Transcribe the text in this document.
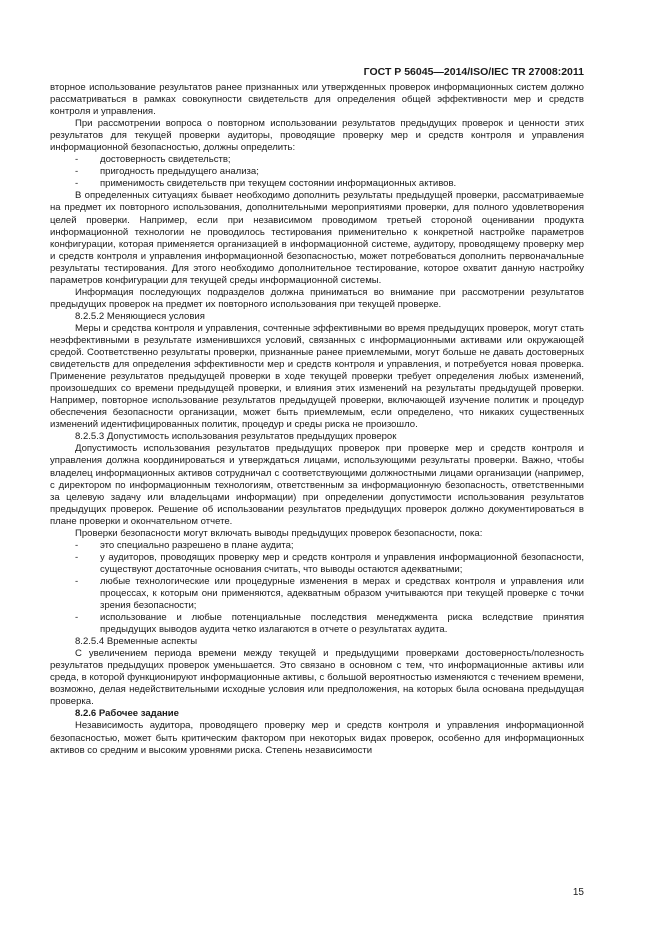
ГОСТ Р 56045—2014/ISO/IEC TR 27008:2011

вторное использование результатов ранее признанных или утвержденных проверок информационных систем должно рассматриваться в рамках совокупности свидетельств для определения общей эффективности мер и средств контроля и управления.

При рассмотрении вопроса о повторном использовании результатов предыдущих проверок и ценности этих результатов для текущей проверки аудиторы, проводящие проверку мер и средств контроля и управления информационной безопасностью, должны определить:

- достоверность свидетельств;

- пригодность предыдущего анализа;

- применимость свидетельств при текущем состоянии информационных активов.

В определенных ситуациях бывает необходимо дополнить результаты предыдущей проверки, рассматриваемые на предмет их повторного использования, дополнительными мероприятиями проверки, для полного удовлетворения целей проверки. Например, если при независимом проводимом третьей стороной оценивании продукта информационной технологии не проводилось тестирования применительно к конкретной настройке параметров конфигурации, которая применяется организацией в информационной системе, аудитору, проводящему проверку мер и средств контроля и управления информационной безопасностью, может потребоваться дополнить первоначальные результаты тестирования. Для этого необходимо дополнительное тестирование, которое охватит данную настройку параметров конфигурации для текущей среды информационной системы.

Информация последующих подразделов должна приниматься во внимание при рассмотрении результатов предыдущих проверок на предмет их повторного использования при текущей проверке.

8.2.5.2 Меняющиеся условия

Меры и средства контроля и управления, сочтенные эффективными во время предыдущих проверок, могут стать неэффективными в результате изменившихся условий, связанных с информационными активами или окружающей средой. Соответственно результаты проверки, признанные ранее приемлемыми, могут больше не давать достоверных свидетельств для определения эффективности мер и средств контроля и управления, и потребуется новая проверка. Применение результатов предыдущей проверки в ходе текущей проверки требует определения любых изменений, произошедших со времени предыдущей проверки, и влияния этих изменений на результаты предыдущей проверки. Например, повторное использование результатов предыдущей проверки, включающей изучение политик и процедур обеспечения безопасности организации, может быть приемлемым, если определено, что никаких существенных изменений идентифицированных политик, процедур и среды риска не произошло.

8.2.5.3 Допустимость использования результатов предыдущих проверок

Допустимость использования результатов предыдущих проверок при проверке мер и средств контроля и управления должна координироваться и утверждаться лицами, использующими результаты проверки. Важно, чтобы владелец информационных активов сотрудничал с соответствующими должностными лицами организации (например, с директором по информационным технологиям, ответственным за информационную безопасность, ответственными за целевую задачу или владельцами информации) при определении допустимости использования результатов предыдущих проверок. Решение об использовании результатов предыдущих проверок должно документироваться в плане проверки и окончательном отчете.

Проверки безопасности могут включать выводы предыдущих проверок безопасности, пока:

- это специально разрешено в плане аудита;

- у аудиторов, проводящих проверку мер и средств контроля и управления информационной безопасности, существуют достаточные основания считать, что выводы остаются адекватными;

- любые технологические или процедурные изменения в мерах и средствах контроля и управления или процессах, к которым они применяются, адекватным образом учитываются при текущей проверке с точки зрения безопасности;

- использование и любые потенциальные последствия менеджмента риска вследствие принятия предыдущих выводов аудита четко излагаются в отчете о результатах аудита.

8.2.5.4 Временные аспекты

С увеличением периода времени между текущей и предыдущими проверками достоверность/полезность результатов предыдущих проверок уменьшается. Это связано в основном с тем, что информационные активы или среда, в которой функционируют информационные активы, с большой вероятностью изменяются с течением времени, возможно, делая недействительными исходные условия или предположения, на которых была основана предыдущая проверка.

8.2.6 Рабочее задание

Независимость аудитора, проводящего проверку мер и средств контроля и управления информационной безопасностью, может быть критическим фактором при некоторых видах проверок, особенно для информационных активов со средним и высоким уровнями риска. Степень независимости

15
